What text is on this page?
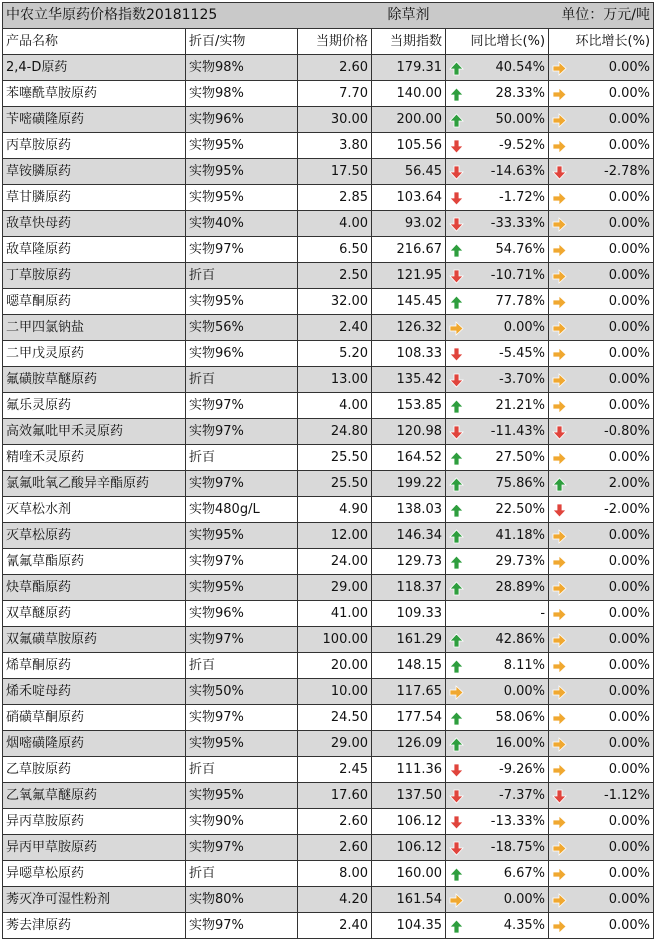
中农立华原药价格指数20181125			除草剂	单位：万元/吨	
产品名称	折百/实物	当期价格	当期指数	同比增长(%)	环比增长(%)
2,4-D原药	实物98%	2.60	179.31	40.54%	0.00%
苯噻酰草胺原药	实物98%	7.70	140.00	28.33%	0.00%
苄嘧磺隆原药	实物96%	30.00	200.00	50.00%	0.00%
丙草胺原药	实物95%	3.80	105.56	-9.52%	0.00%
草铵膦原药	实物95%	17.50	56.45	-14.63%	-2.78%
草甘膦原药	实物95%	2.85	103.64	-1.72%	0.00%
敌草快母药	实物40%	4.00	93.02	-33.33%	0.00%
敌草隆原药	实物97%	6.50	216.67	54.76%	0.00%
丁草胺原药	折百	2.50	121.95	-10.71%	0.00%
噁草酮原药	实物95%	32.00	145.45	77.78%	0.00%
二甲四氯钠盐	实物56%	2.40	126.32	0.00%	0.00%
二甲戊灵原药	实物96%	5.20	108.33	-5.45%	0.00%
氟磺胺草醚原药	折百	13.00	135.42	-3.70%	0.00%
氟乐灵原药	实物97%	4.00	153.85	21.21%	0.00%
高效氟吡甲禾灵原药	实物97%	24.80	120.98	-11.43%	-0.80%
精喹禾灵原药	折百	25.50	164.52	27.50%	0.00%
氯氟吡氧乙酸异辛酯原药	实物97%	25.50	199.22	75.86%	2.00%
灭草松水剂	实物480g/L	4.90	138.03	22.50%	-2.00%
灭草松原药	实物95%	12.00	146.34	41.18%	0.00%
氰氟草酯原药	实物97%	24.00	129.73	29.73%	0.00%
炔草酯原药	实物95%	29.00	118.37	28.89%	0.00%
双草醚原药	实物96%	41.00	109.33	-	0.00%
双氟磺草胺原药	实物97%	100.00	161.29	42.86%	0.00%
烯草酮原药	折百	20.00	148.15	8.11%	0.00%
烯禾啶母药	实物50%	10.00	117.65	0.00%	0.00%
硝磺草酮原药	实物97%	24.50	177.54	58.06%	0.00%
烟嘧磺隆原药	实物95%	29.00	126.09	16.00%	0.00%
乙草胺原药	折百	2.45	111.36	-9.26%	0.00%
乙氧氟草醚原药	实物95%	17.60	137.50	-7.37%	-1.12%
异丙草胺原药	实物90%	2.60	106.12	-13.33%	0.00%
异丙甲草胺原药	实物97%	2.60	106.12	-18.75%	0.00%
异噁草松原药	折百	8.00	160.00	6.67%	0.00%
莠灭净可湿性粉剂	实物80%	4.20	161.54	0.00%	0.00%
莠去津原药	实物97%	2.40	104.35	4.35%	0.00%
